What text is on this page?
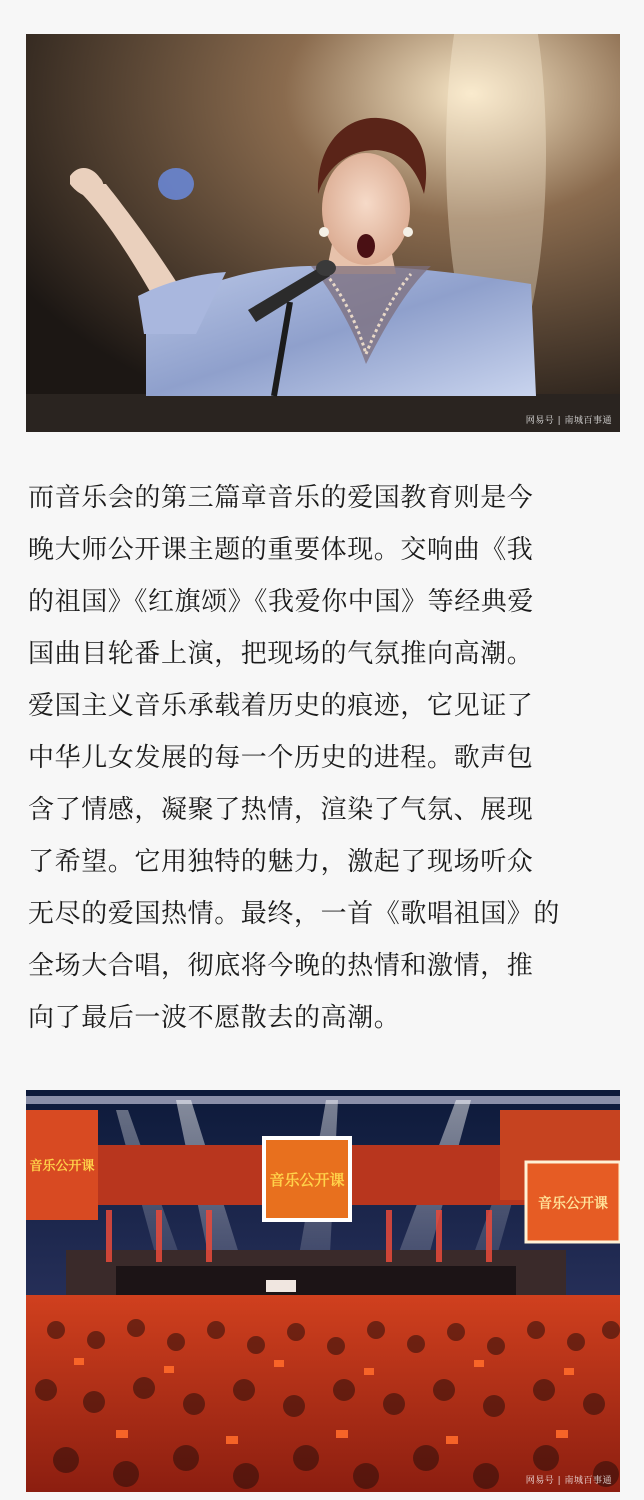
网易号 | 南城百事通
而音乐会的第三篇章音乐的爱国教育则是今
晚大师公开课主题的重要体现。交响曲《我
的祖国》《红旗颂》《我爱你中国》等经典爱
国曲目轮番上演，把现场的气氛推向高潮。
爱国主义音乐承载着历史的痕迹，它见证了
中华儿女发展的每一个历史的进程。歌声包
含了情感，凝聚了热情，渲染了气氛、展现
了希望。它用独特的魅力，激起了现场听众
无尽的爱国热情。最终，一首《歌唱祖国》的
全场大合唱，彻底将今晚的热情和激情，推
向了最后一波不愿散去的高潮。
音乐公开课
音乐公开课
音乐公开课
网易号 | 南城百事通
